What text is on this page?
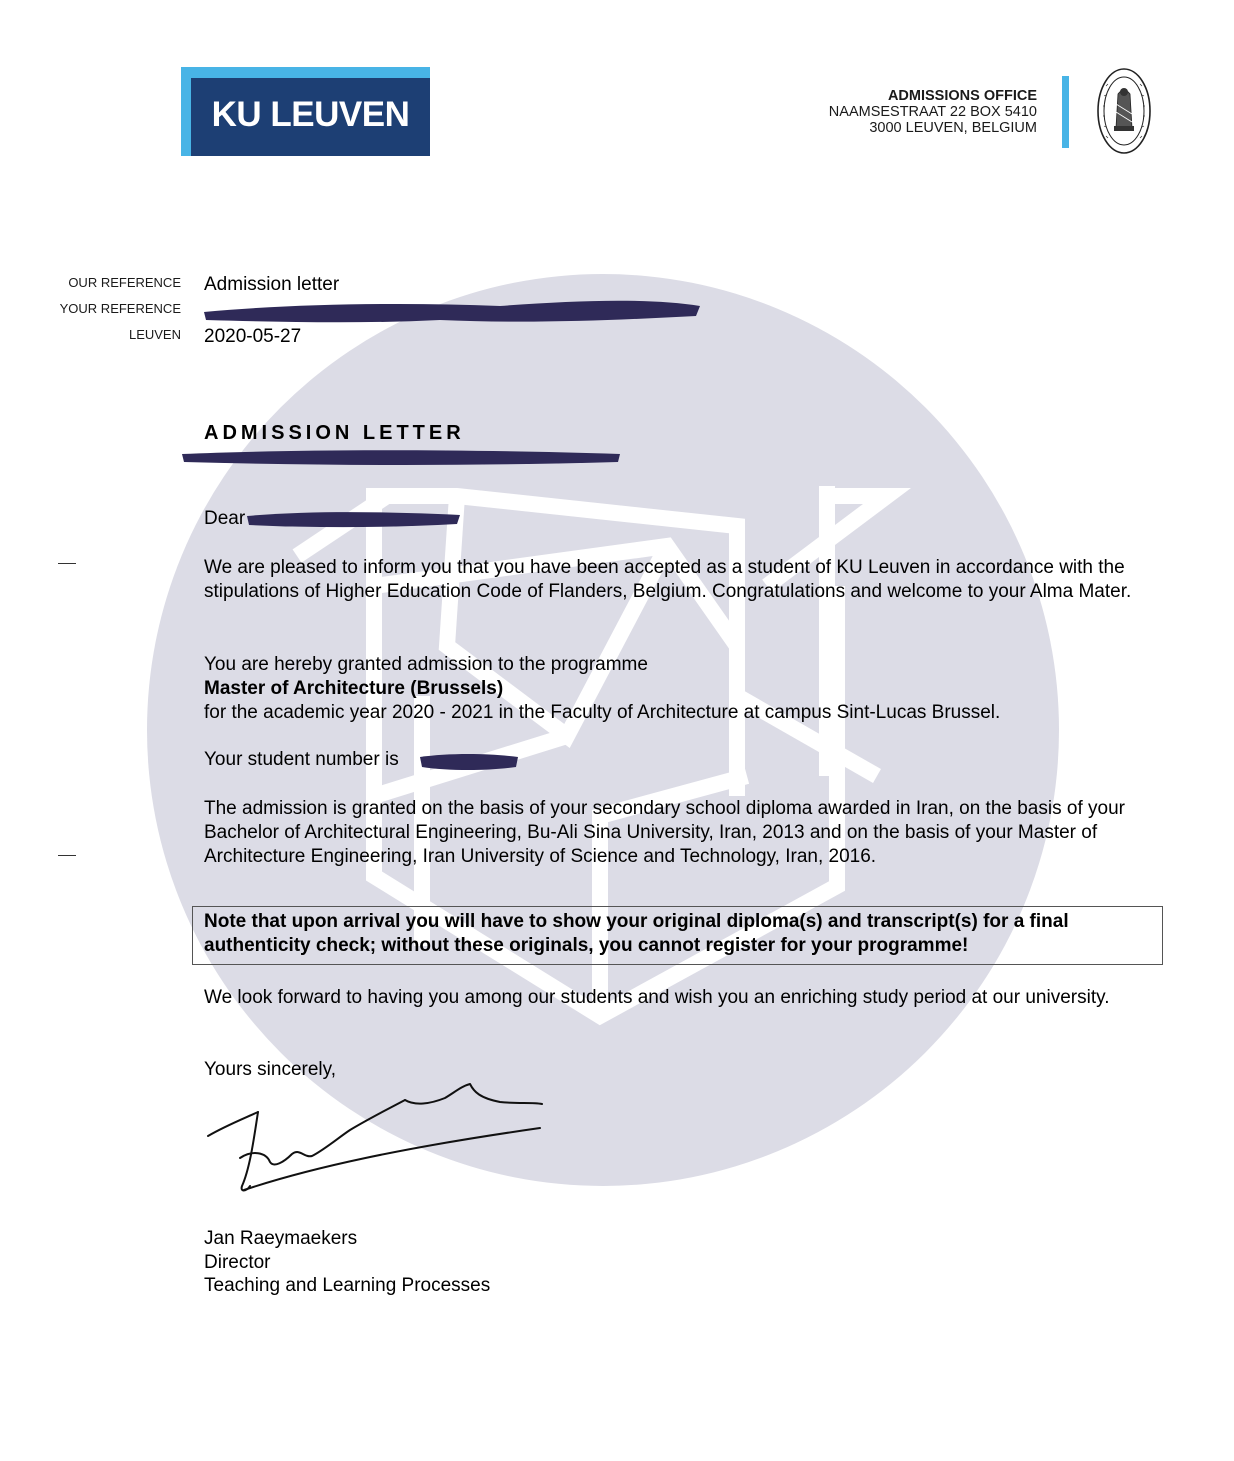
KU LEUVEN	ADMISSIONS OFFICE
NAAMSESTRAAT 22 BOX 5410
3000 LEUVEN, BELGIUM
OUR REFERENCE Admission letter
YOUR REFERENCE
LEUVEN 2020-05-27
ADMISSION LETTER
Dear
We are pleased to inform you that you have been accepted as a student of KU Leuven in accordance with the stipulations of Higher Education Code of Flanders, Belgium. Congratulations and welcome to your Alma Mater.
You are hereby granted admission to the programme
Master of Architecture (Brussels)
for the academic year 2020 - 2021 in the Faculty of Architecture at campus Sint-Lucas Brussel.
Your student number is
The admission is granted on the basis of your secondary school diploma awarded in Iran, on the basis of your Bachelor of Architectural Engineering, Bu-Ali Sina University, Iran, 2013 and on the basis of your Master of Architecture Engineering, Iran University of Science and Technology, Iran, 2016.
Note that upon arrival you will have to show your original diploma(s) and transcript(s) for a final authenticity check; without these originals, you cannot register for your programme!
We look forward to having you among our students and wish you an enriching study period at our university.
Yours sincerely,
Jan Raeymaekers
Director
Teaching and Learning Processes
